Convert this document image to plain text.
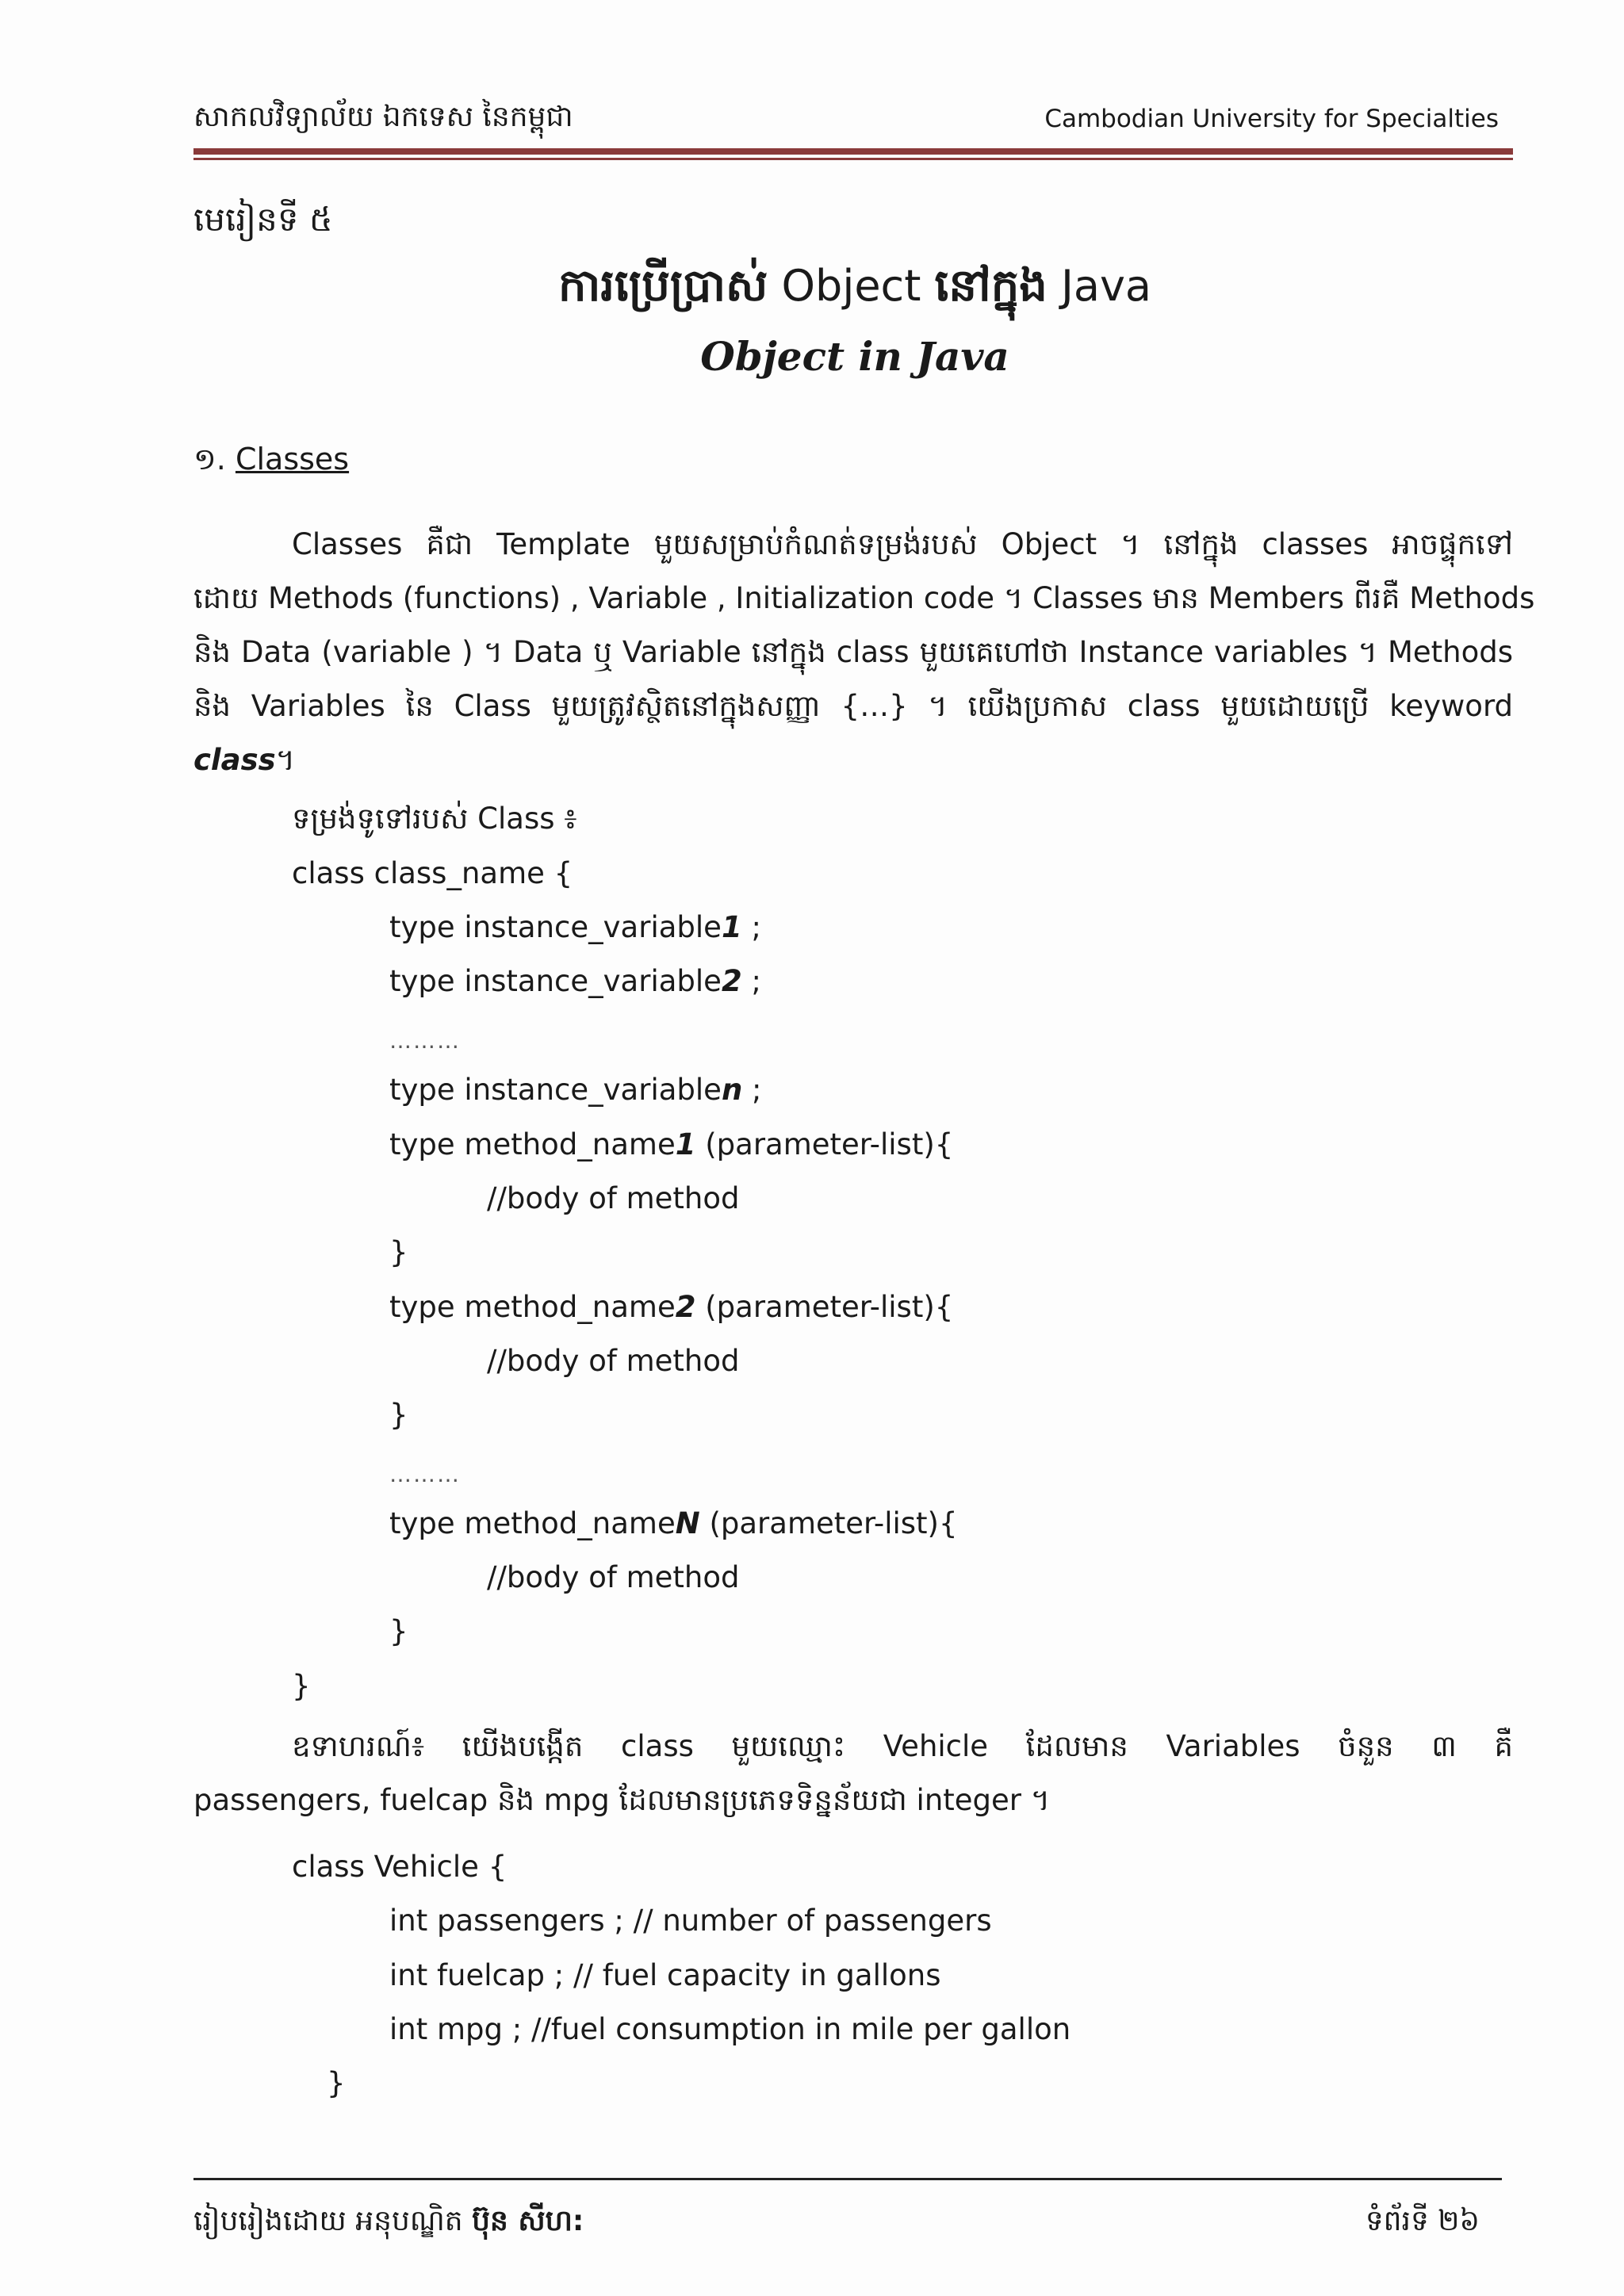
សាកលវិទ្យាល័យ ឯកទេស នៃកម្ពុជា	Cambodian University for Specialties
មេរៀនទី ៥
ការប្រើប្រាស់ Object នៅក្នុង Java
Object in Java
១. Classes
Classes គឺជា Template មួយសម្រាប់កំណត់ទម្រង់របស់ Object ។ នៅក្នុង classes អាចផ្ទុកទៅ
ដោយ Methods (functions) , Variable , Initialization code ។ Classes មាន Members ពីរគឺ Methods
និង Data (variable ) ។ Data ឬ Variable នៅក្នុង class មួយគេហៅថា Instance variables ។ Methods
និង Variables នៃ Class មួយត្រូវស្ថិតនៅក្នុងសញ្ញា {…} ។ យើងប្រកាស class មួយដោយប្រើ keyword
class។
ទម្រង់ទូទៅរបស់ Class ៖
class class_name {
type instance_variable1 ;
type instance_variable2 ;
………
type instance_variablen ;
type method_name1 (parameter-list){
//body of method
}
type method_name2 (parameter-list){
//body of method
}
………
type method_nameN (parameter-list){
//body of method
}
}
ឧទាហរណ៍៖ យើងបង្កើត class មួយឈ្មោះ Vehicle ដែលមាន Variables ចំនួន ៣ គឺ
passengers, fuelcap និង mpg ដែលមានប្រភេទទិន្នន័យជា integer ។
class Vehicle {
int passengers ; // number of passengers
int fuelcap ; // fuel capacity in gallons
int mpg ; //fuel consumption in mile per gallon
}
រៀបរៀងដោយ អនុបណ្ឌិត ប៊ុន សីហ:	ទំព័រទី ២៦
